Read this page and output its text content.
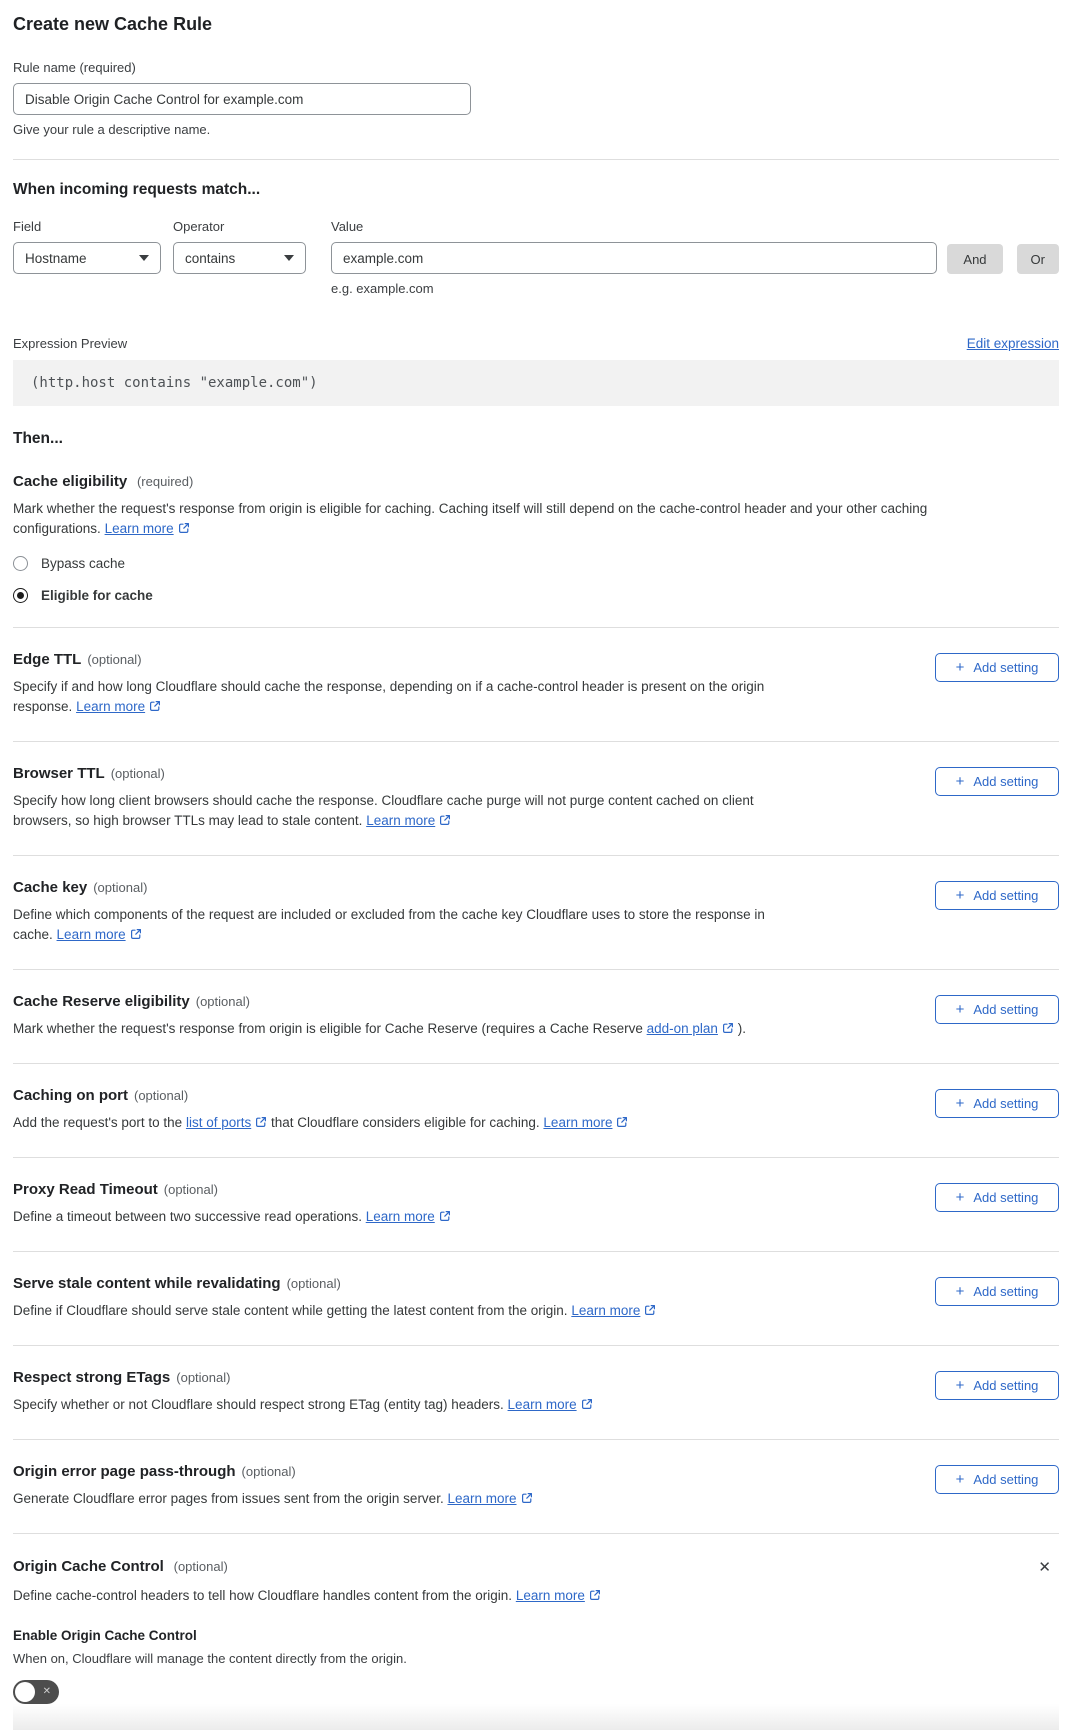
Create new Cache Rule
Rule name (required)
Disable Origin Cache Control for example.com

Give your rule a descriptive name.

When incoming requests match...
Field
Hostname
Operator
contains
Value
example.com

e.g. example.com

And	Or
Expression Preview	Edit expression
(http.host contains "example.com")
Then...
Cache eligibility (required)

Mark whether the request's response from origin is eligible for caching. Caching itself will still depend on the cache-control header and your other caching configurations. Learn more

Bypass cache
Eligible for cache
Edge TTL (optional)

Specify if and how long Cloudflare should cache the response, depending on if a cache-control header is present on the origin response. Learn more

+ Add setting
Browser TTL (optional)

Specify how long client browsers should cache the response. Cloudflare cache purge will not purge content cached on client browsers, so high browser TTLs may lead to stale content. Learn more

+ Add setting
Cache key (optional)

Define which components of the request are included or excluded from the cache key Cloudflare uses to store the response in cache. Learn more

+ Add setting
Cache Reserve eligibility (optional)

Mark whether the request's response from origin is eligible for Cache Reserve (requires a Cache Reserve add-on plan ).

+ Add setting
Caching on port (optional)

Add the request's port to the list of ports that Cloudflare considers eligible for caching. Learn more

+ Add setting
Proxy Read Timeout (optional)

Define a timeout between two successive read operations. Learn more

+ Add setting
Serve stale content while revalidating (optional)

Define if Cloudflare should serve stale content while getting the latest content from the origin. Learn more

+ Add setting
Respect strong ETags (optional)

Specify whether or not Cloudflare should respect strong ETag (entity tag) headers. Learn more

+ Add setting
Origin error page pass-through (optional)

Generate Cloudflare error pages from issues sent from the origin server. Learn more

+ Add setting
Origin Cache Control (optional)	✕

Define cache-control headers to tell how Cloudflare handles content from the origin. Learn more

Enable Origin Cache Control

When on, Cloudflare will manage the content directly from the origin.

✕
